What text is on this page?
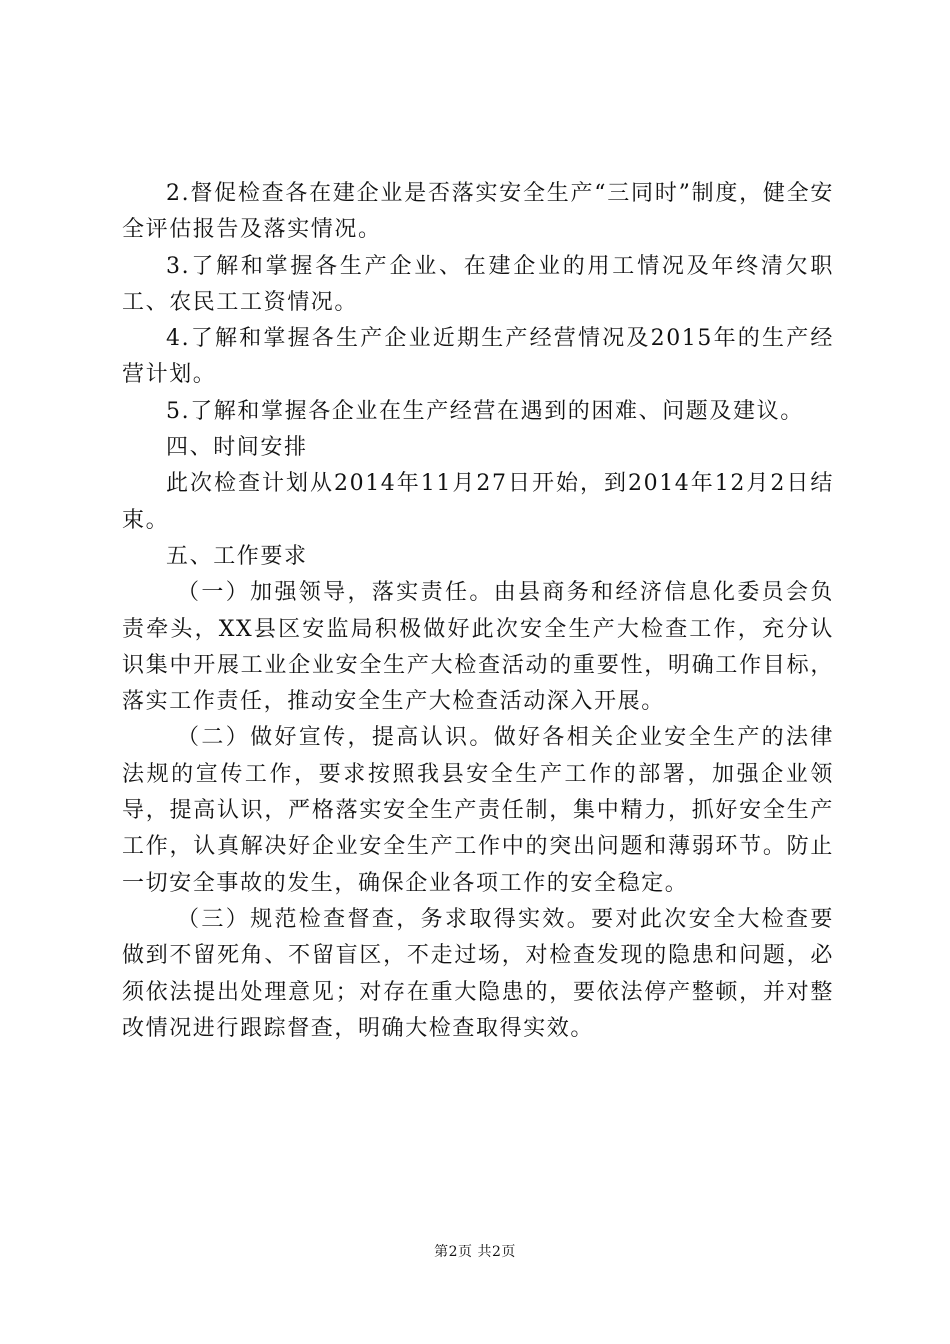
2.督促检查各在建企业是否落实安全生产“三同时”制度，健全安全评估报告及落实情况。

3.了解和掌握各生产企业、在建企业的用工情况及年终清欠职工、农民工工资情况。

4.了解和掌握各生产企业近期生产经营情况及2015年的生产经营计划。

5.了解和掌握各企业在生产经营在遇到的困难、问题及建议。

四、时间安排

此次检查计划从2014年11月27日开始，到2014年12月2日结束。

五、工作要求

（一）加强领导，落实责任。由县商务和经济信息化委员会负责牵头，XX县区安监局积极做好此次安全生产大检查工作，充分认识集中开展工业企业安全生产大检查活动的重要性，明确工作目标，落实工作责任，推动安全生产大检查活动深入开展。

（二）做好宣传，提高认识。做好各相关企业安全生产的法律法规的宣传工作，要求按照我县安全生产工作的部署，加强企业领导，提高认识，严格落实安全生产责任制，集中精力，抓好安全生产工作，认真解决好企业安全生产工作中的突出问题和薄弱环节。防止一切安全事故的发生，确保企业各项工作的安全稳定。

（三）规范检查督查，务求取得实效。要对此次安全大检查要做到不留死角、不留盲区，不走过场，对检查发现的隐患和问题，必须依法提出处理意见；对存在重大隐患的，要依法停产整顿，并对整改情况进行跟踪督查，明确大检查取得实效。

第2页 共2页
